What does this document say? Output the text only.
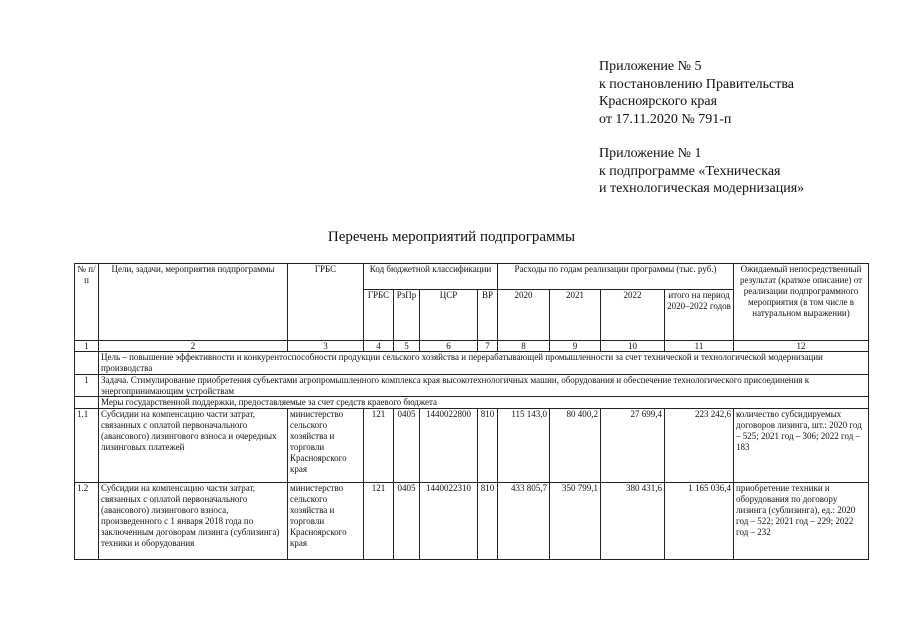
Приложение № 5
к постановлению Правительства
Красноярского края
от 17.11.2020 № 791-п
Приложение № 1
к подпрограмме «Техническая
и технологическая модернизация»
Перечень мероприятий подпрограммы
№ п/п	Цели, задачи, мероприятия подпрограммы	ГРБС	Код бюджетной классификации				Расходы по годам реализации программы (тыс. руб.)				Ожидаемый непосредственный результат (краткое описание) от реализации подпрограммного мероприятия (в том числе в натуральном выражении)
			ГРБС	РзПр	ЦСР	ВР	2020	2021	2022	итого на период 2020–2022 годов	
1	2	3	4	5	6	7	8	9	10	11	12
	Цель – повышение эффективности и конкурентоспособности продукции сельского хозяйства и перерабатывающей промышленности за счет технической и технологической модернизации производства										
1	Задача. Стимулирование приобретения субъектами агропромышленного комплекса края высокотехнологичных машин, оборудования и обеспечение технологического присоединения к энергопринимающим устройствам										
	Меры государственной поддержки, предоставляемые за счет средств краевого бюджета										
1.1	Субсидии на компенсацию части затрат, связанных с оплатой первоначального (авансового) лизингового взноса и очередных лизинговых платежей	министерство сельского хозяйства и торговли Красноярского края	121	0405	1440022800	810	115 143,0	80 400,2	27 699,4	223 242,6	количество субсидируемых договоров лизинга, шт.: 2020 год – 525; 2021 год – 306; 2022 год – 183
1.2	Субсидии на компенсацию части затрат, связанных с оплатой первоначального (авансового) лизингового взноса, произведенного с 1 января 2018 года по заключенным договорам лизинга (сублизинга) техники и оборудования	министерство сельского хозяйства и торговли Красноярского края	121	0405	1440022310	810	433 805,7	350 799,1	380 431,6	1 165 036,4	приобретение техники и оборудования по договору лизинга (сублизинга), ед.: 2020 год – 522; 2021 год – 229; 2022 год – 232
